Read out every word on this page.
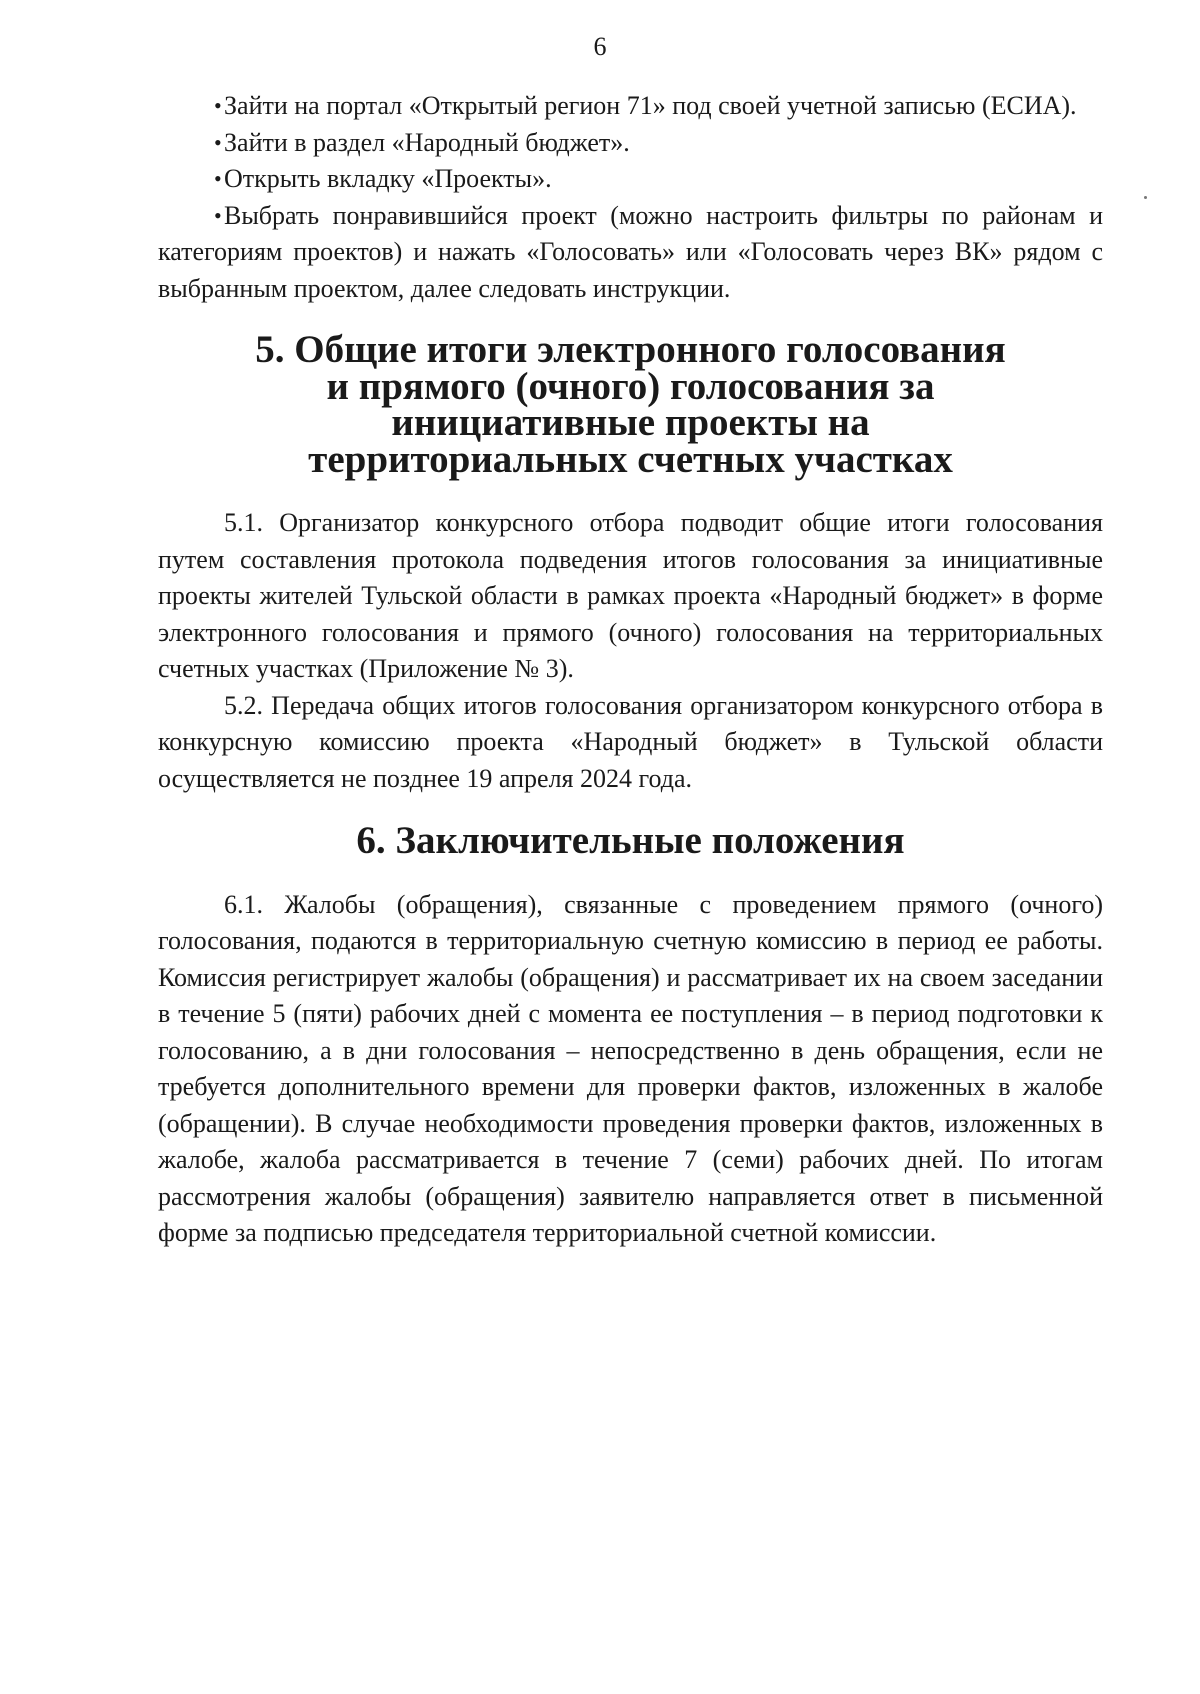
6

• Зайти на портал «Открытый регион 71» под своей учетной записью (ЕСИА).

• Зайти в раздел «Народный бюджет».

• Открыть вкладку «Проекты».

• Выбрать понравившийся проект (можно настроить фильтры по районам и категориям проектов) и нажать «Голосовать» или «Голосовать через ВК» рядом с выбранным проектом, далее следовать инструкции.

5. Общие итоги электронного голосования и прямого (очного) голосования за инициативные проекты на территориальных счетных участках

5.1. Организатор конкурсного отбора подводит общие итоги голосования путем составления протокола подведения итогов голосования за инициативные проекты жителей Тульской области в рамках проекта «Народный бюджет» в форме электронного голосования и прямого (очного) голосования на территориальных счетных участках (Приложение № 3).

5.2. Передача общих итогов голосования организатором конкурсного отбора в конкурсную комиссию проекта «Народный бюджет» в Тульской области осуществляется не позднее 19 апреля 2024 года.

6. Заключительные положения

6.1. Жалобы (обращения), связанные с проведением прямого (очного) голосования, подаются в территориальную счетную комиссию в период ее работы. Комиссия регистрирует жалобы (обращения) и рассматривает их на своем заседании в течение 5 (пяти) рабочих дней с момента ее поступления – в период подготовки к голосованию, а в дни голосования – непосредственно в день обращения, если не требуется дополнительного времени для проверки фактов, изложенных в жалобе (обращении). В случае необходимости проведения проверки фактов, изложенных в жалобе, жалоба рассматривается в течение 7 (семи) рабочих дней. По итогам рассмотрения жалобы (обращения) заявителю направляется ответ в письменной форме за подписью председателя территориальной счетной комиссии.
